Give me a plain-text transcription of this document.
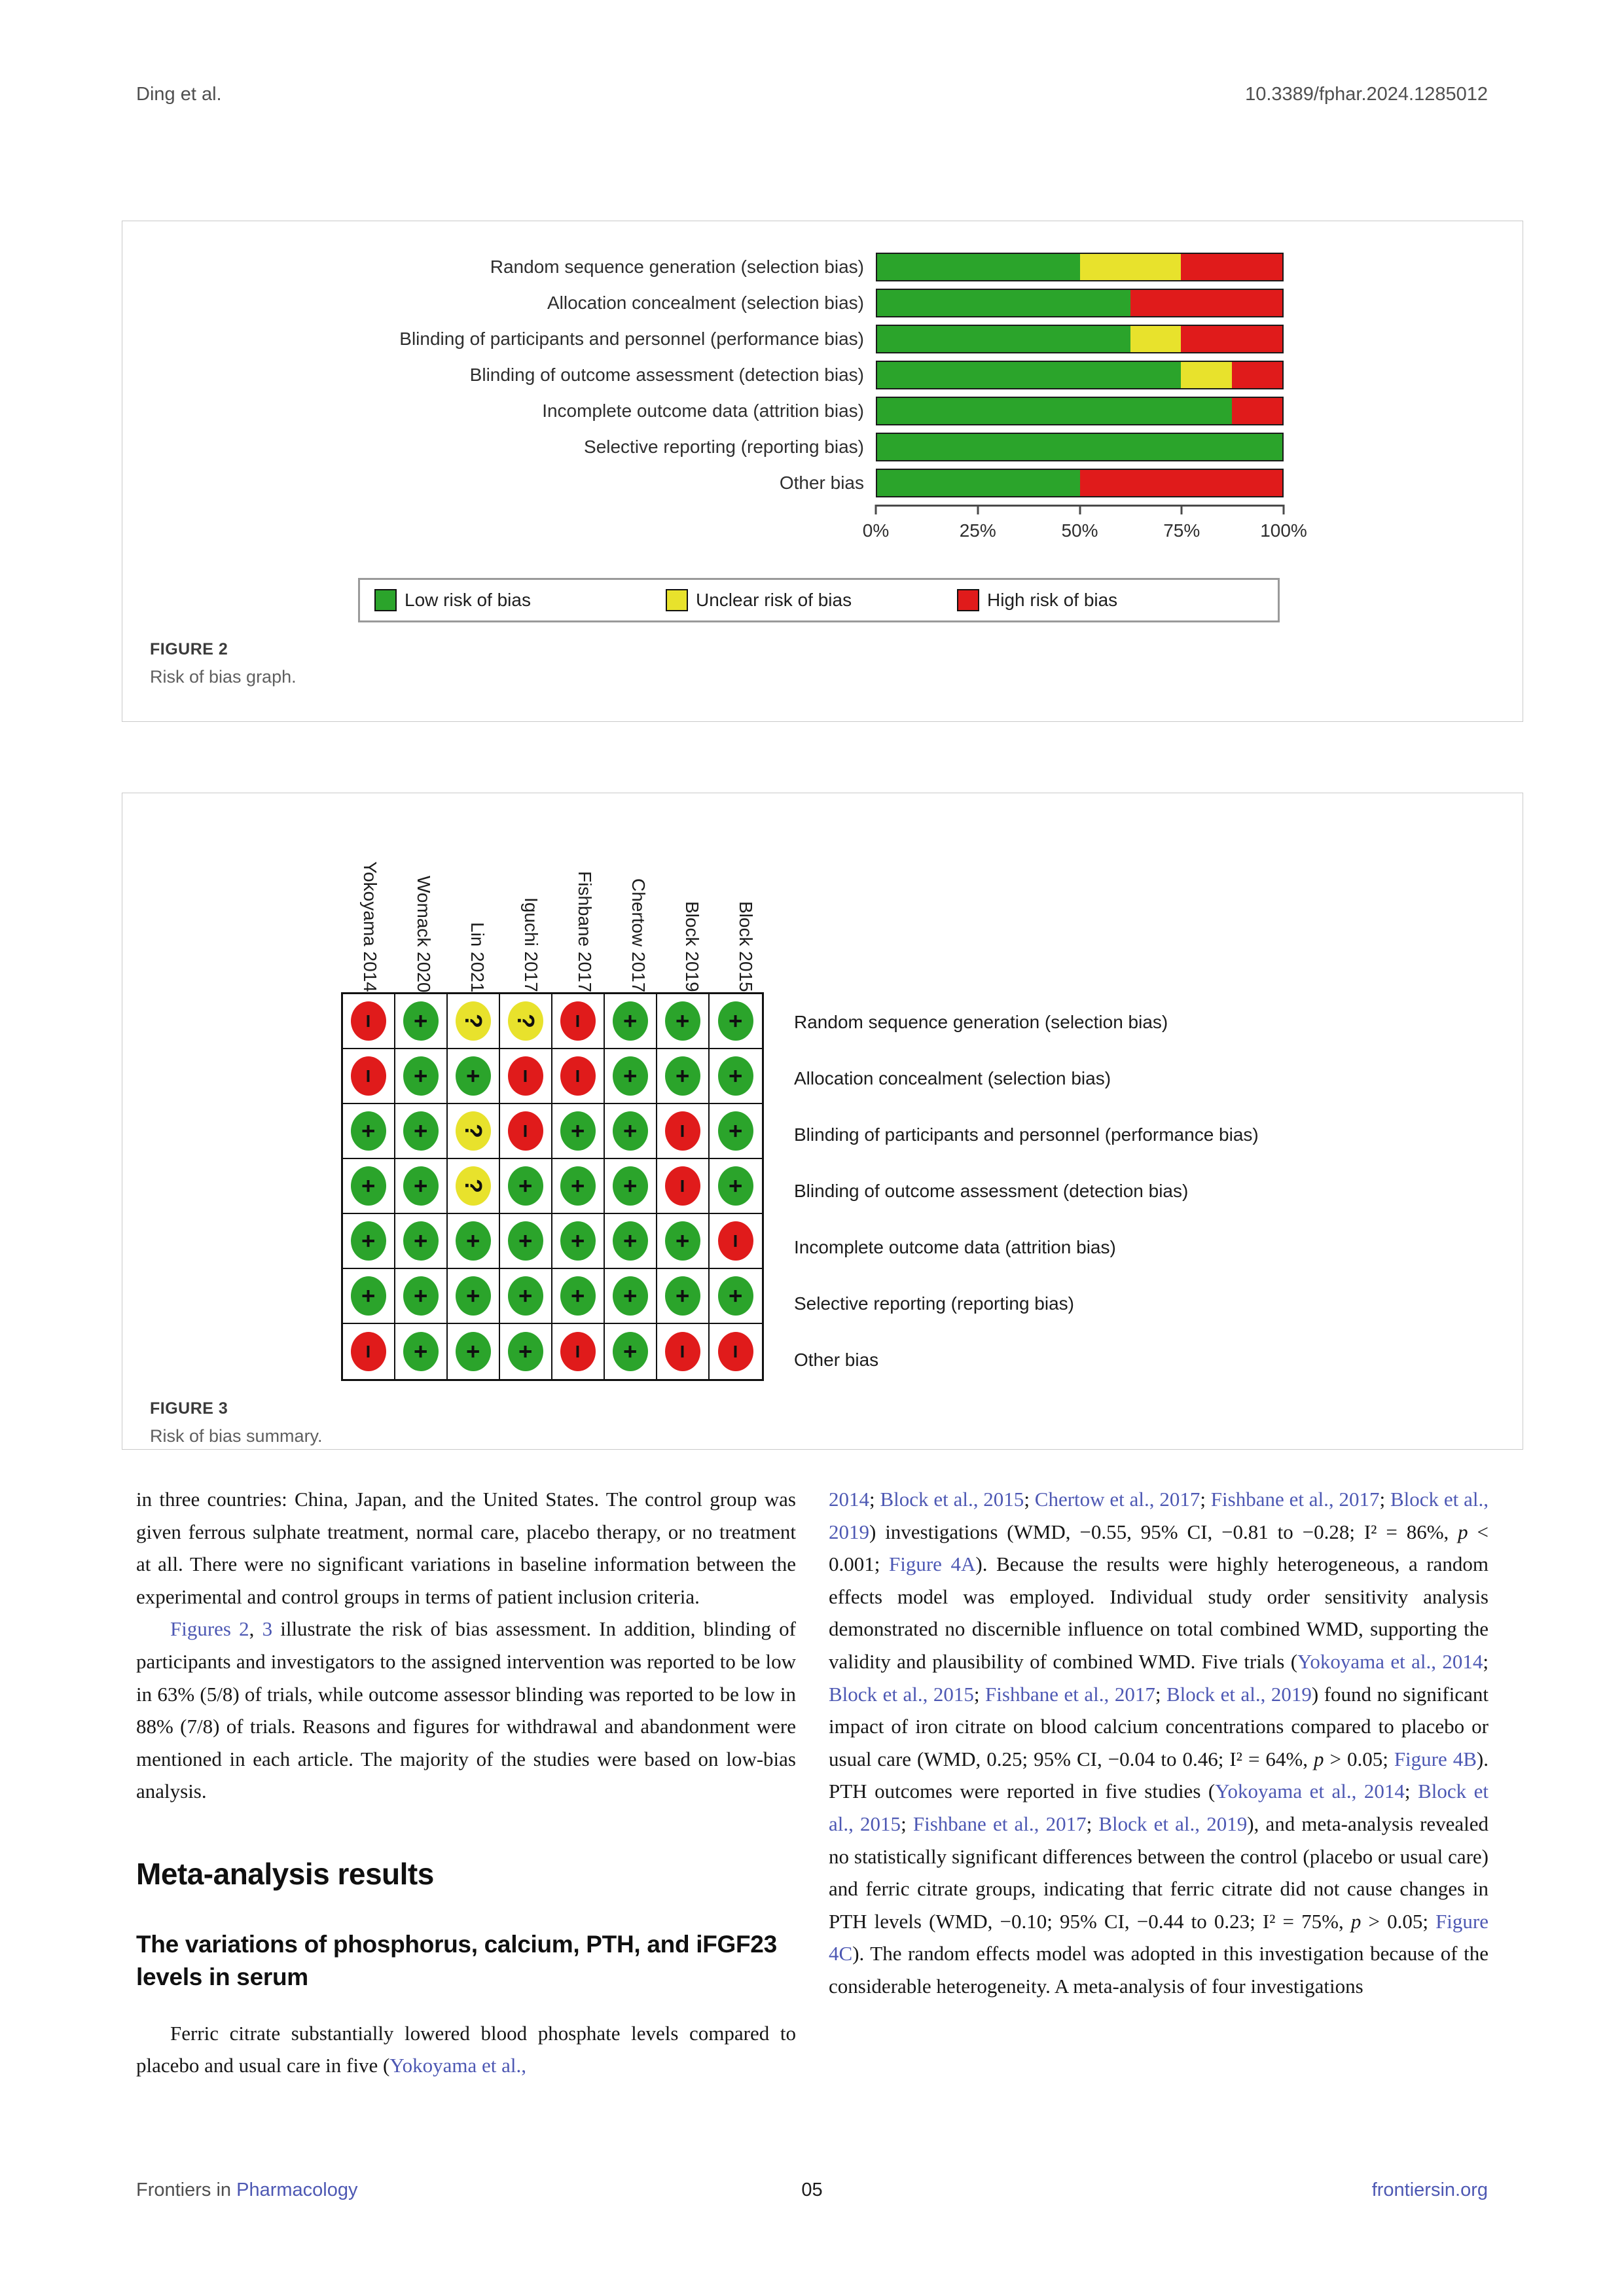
Ding et al.	10.3389/fphar.2024.1285012
Random sequence generation (selection bias)
Allocation concealment (selection bias)
Blinding of participants and personnel (performance bias)
Blinding of outcome assessment (detection bias)
Incomplete outcome data (attrition bias)
Selective reporting (reporting bias)
Other bias
0%	25%	50%	75%	100%
Low risk of bias	Unclear risk of bias	High risk of bias
FIGURE 2
Risk of bias graph.
Yokoyama 2014 Womack 2020 Lin 2021 Iguchi 2017 Fishbane 2017 Chertow 2017 Block 2019 Block 2015
− + ? ? − + + +
− + + − − + + +
+ + ? − + + − +
+ + ? + + + − +
+ + + + + + + −
+ + + + + + + +
− + + + − + − −
Random sequence generation (selection bias)
Allocation concealment (selection bias)
Blinding of participants and personnel (performance bias)
Blinding of outcome assessment (detection bias)
Incomplete outcome data (attrition bias)
Selective reporting (reporting bias)
Other bias
FIGURE 3
Risk of bias summary.

in three countries: China, Japan, and the United States. The control group was given ferrous sulphate treatment, normal care, placebo therapy, or no treatment at all. There were no significant variations in baseline information between the experimental and control groups in terms of patient inclusion criteria.

Figures 2, 3 illustrate the risk of bias assessment. In addition, blinding of participants and investigators to the assigned intervention was reported to be low in 63% (5/8) of trials, while outcome assessor blinding was reported to be low in 88% (7/8) of trials. Reasons and figures for withdrawal and abandonment were mentioned in each article. The majority of the studies were based on low-bias analysis.

Meta-analysis results
The variations of phosphorus, calcium, PTH, and iFGF23 levels in serum

Ferric citrate substantially lowered blood phosphate levels compared to placebo and usual care in five (Yokoyama et al.,

2014; Block et al., 2015; Chertow et al., 2017; Fishbane et al., 2017; Block et al., 2019) investigations (WMD, −0.55, 95% CI, −0.81 to −0.28; I² = 86%, p < 0.001; Figure 4A). Because the results were highly heterogeneous, a random effects model was employed. Individual study order sensitivity analysis demonstrated no discernible influence on total combined WMD, supporting the validity and plausibility of combined WMD. Five trials (Yokoyama et al., 2014; Block et al., 2015; Fishbane et al., 2017; Block et al., 2019) found no significant impact of iron citrate on blood calcium concentrations compared to placebo or usual care (WMD, 0.25; 95% CI, −0.04 to 0.46; I² = 64%, p > 0.05; Figure 4B). PTH outcomes were reported in five studies (Yokoyama et al., 2014; Block et al., 2015; Fishbane et al., 2017; Block et al., 2019), and meta-analysis revealed no statistically significant differences between the control (placebo or usual care) and ferric citrate groups, indicating that ferric citrate did not cause changes in PTH levels (WMD, −0.10; 95% CI, −0.44 to 0.23; I² = 75%, p > 0.05; Figure 4C). The random effects model was adopted in this investigation because of the considerable heterogeneity. A meta-analysis of four investigations

Frontiers in Pharmacology	05	frontiersin.org
